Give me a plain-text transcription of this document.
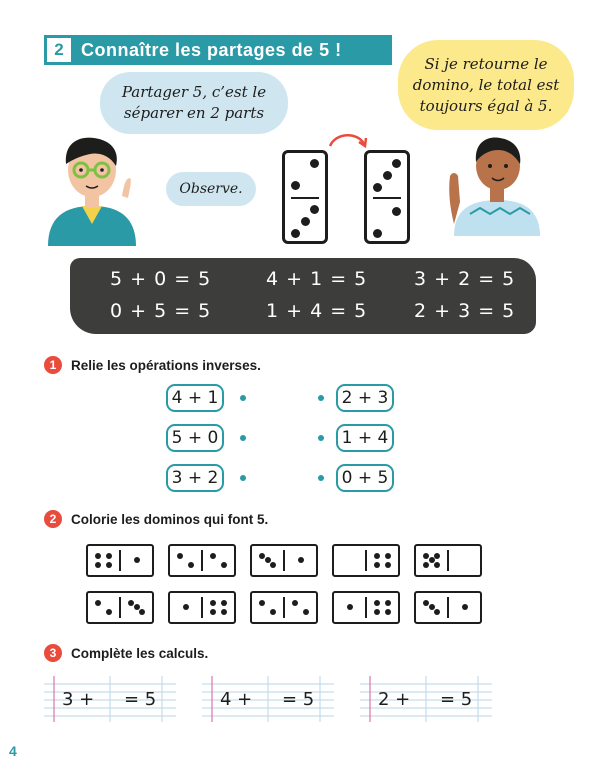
2 Connaître les partages de 5 !
Partager 5, c’est le
séparer en 2 parts
Observe.
Si je retourne le
domino, le total est
toujours égal à 5.
5 + 0 = 5	4 + 1 = 5 3 + 2 = 5
0 + 5 = 5	1 + 4 = 5 2 + 3 = 5
1	Relie les opérations inverses.
4 + 1
5 + 0
3 + 2
2 + 3
1 + 4
0 + 5
2	Colorie les dominos qui font 5.
3	Complète les calculs.
3 + = 5	4 + = 5	2 + = 5
4
